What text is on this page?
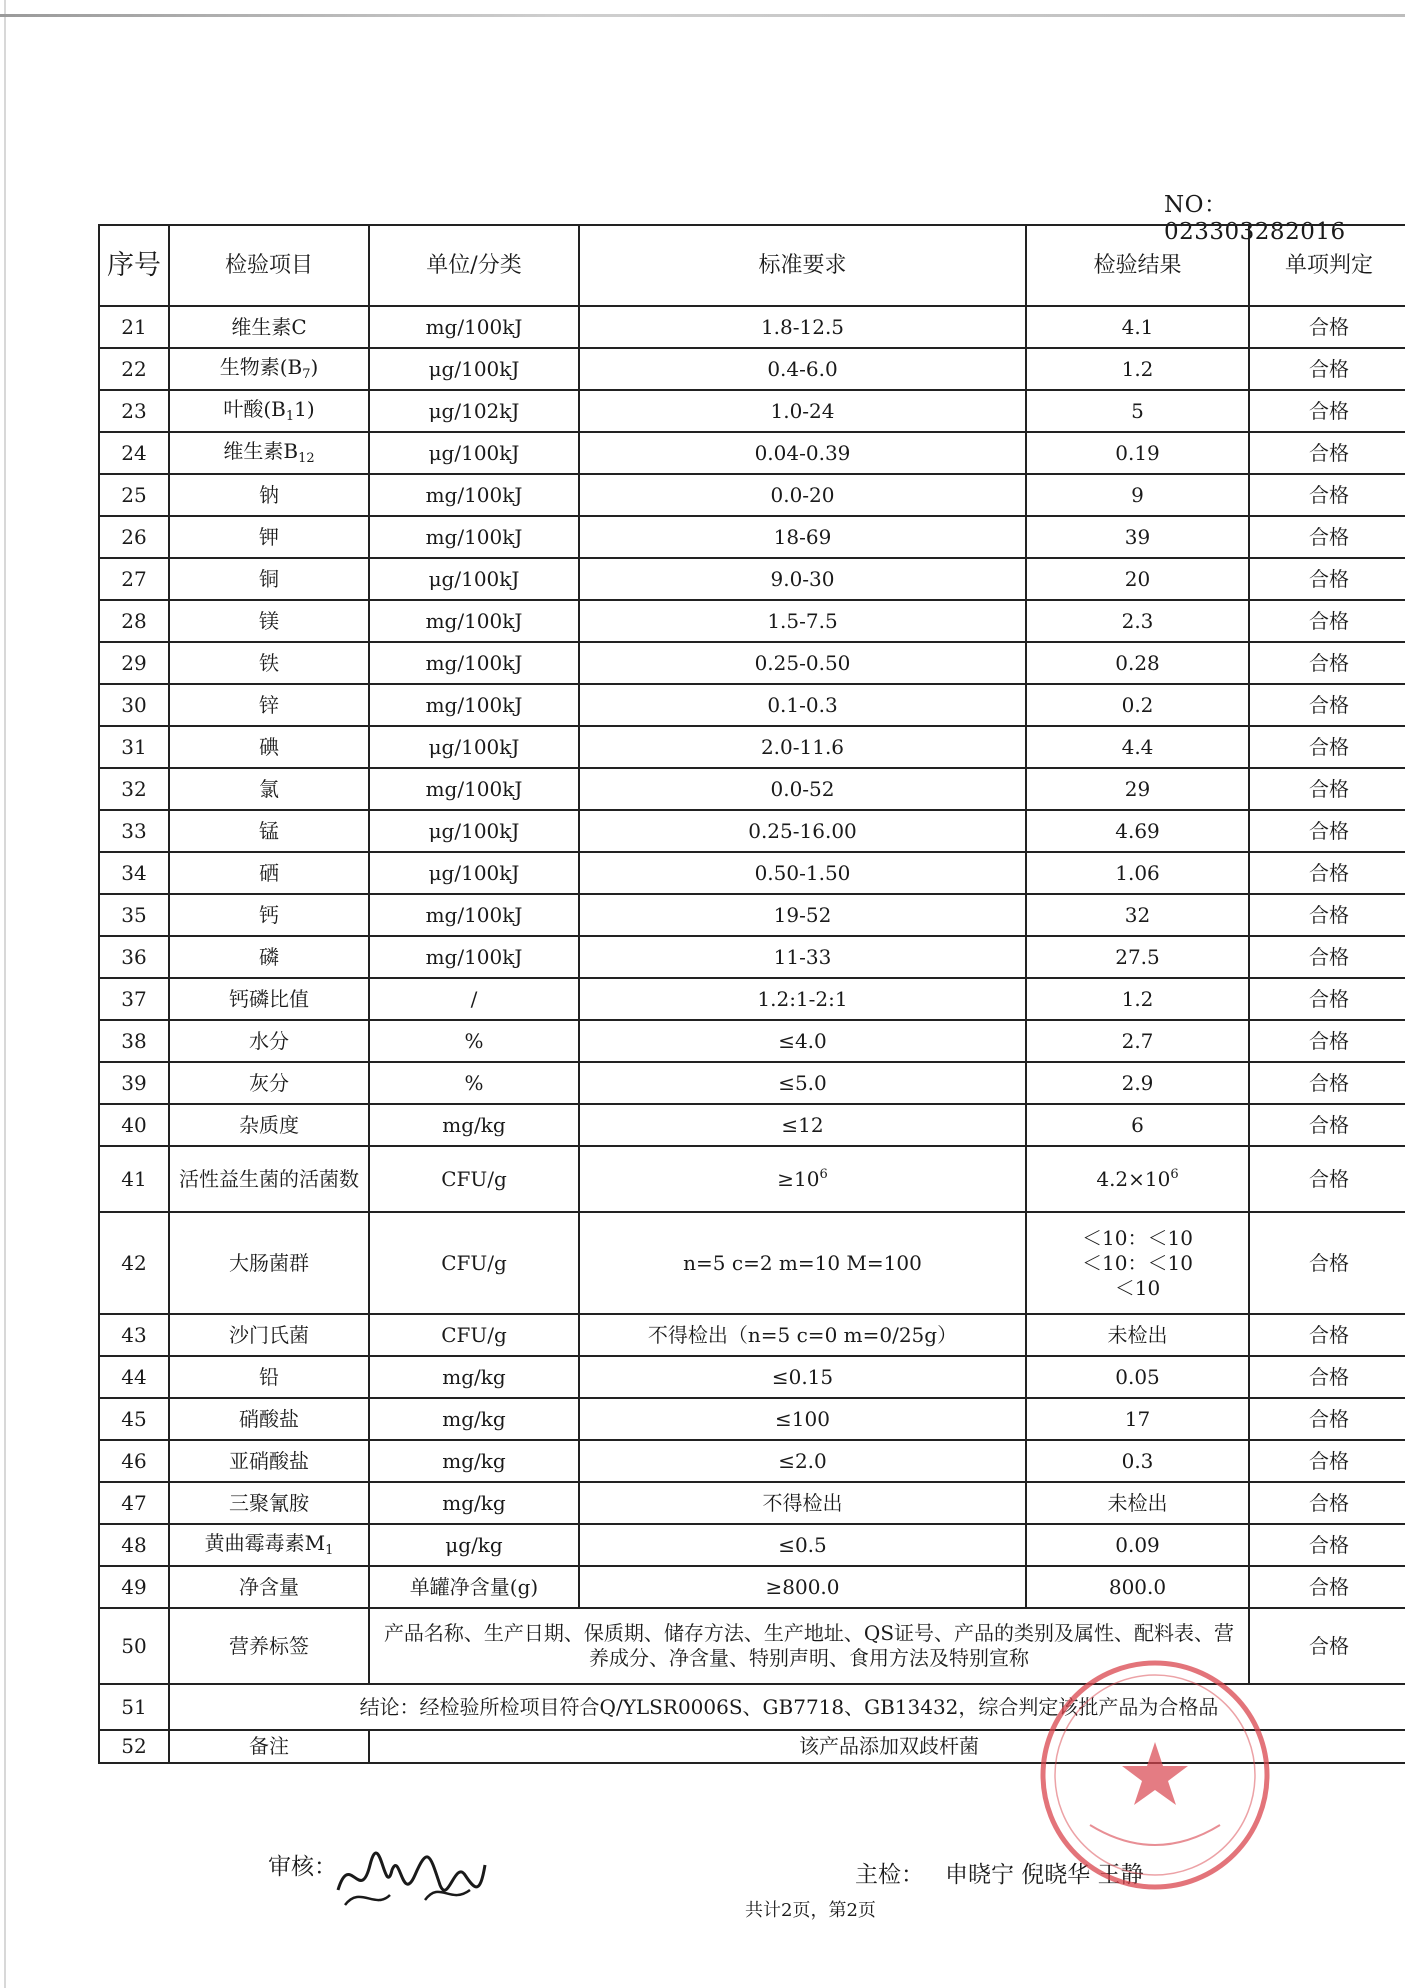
NO：023303282016
序号	检验项目	单位/分类	标准要求	检验结果	单项判定
21	维生素C	mg/100kJ	1.8-12.5	4.1	合格
22	生物素$(B_7)$	μg/100kJ	0.4-6.0	1.2	合格
23	叶酸$(B_11)$	μg/102kJ	1.0-24	5	合格
24	维生素$B_{12}$	μg/100kJ	0.04-0.39	0.19	合格
25	钠	mg/100kJ	0.0-20	9	合格
26	钾	mg/100kJ	18-69	39	合格
27	铜	μg/100kJ	9.0-30	20	合格
28	镁	mg/100kJ	1.5-7.5	2.3	合格
29	铁	mg/100kJ	0.25-0.50	0.28	合格
30	锌	mg/100kJ	0.1-0.3	0.2	合格
31	碘	μg/100kJ	2.0-11.6	4.4	合格
32	氯	mg/100kJ	0.0-52	29	合格
33	锰	μg/100kJ	0.25-16.00	4.69	合格
34	硒	μg/100kJ	0.50-1.50	1.06	合格
35	钙	mg/100kJ	19-52	32	合格
36	磷	mg/100kJ	11-33	27.5	合格
37	钙磷比值	/	1.2:1-2:1	1.2	合格
38	水分	%	≤4.0	2.7	合格
39	灰分	%	≤5.0	2.9	合格
40	杂质度	mg/kg	≤12	6	合格
41	活性益生菌的活菌数	CFU/g	$\ge 10^6$	$4.2\times 10^6$	合格
42	大肠菌群	CFU/g	n=5 c=2 m=10 M=100	＜10：＜10
＜10：＜10
＜10	合格
43	沙门氏菌	CFU/g	不得检出（n=5 c=0 m=0/25g）	未检出	合格
44	铅	mg/kg	≤0.15	0.05	合格
45	硝酸盐	mg/kg	≤100	17	合格
46	亚硝酸盐	mg/kg	≤2.0	0.3	合格
47	三聚氰胺	mg/kg	不得检出	未检出	合格
48	黄曲霉毒素$M_1$	μg/kg	≤0.5	0.09	合格
49	净含量	单罐净含量(g)	≥800.0	800.0	合格
50	营养标签	产品名称、生产日期、保质期、储存方法、生产地址、QS证号、产品的类别及属性、配料表、营养成分、净含量、特别声明、食用方法及特别宣称			合格
51	结论：经检验所检项目符合Q/YLSR0006S、GB7718、GB13432，综合判定该批产品为合格品				
52	备注	该产品添加双歧杆菌			
审核：	主检： 申晓宁 倪晓华 王静
共计2页，第2页
